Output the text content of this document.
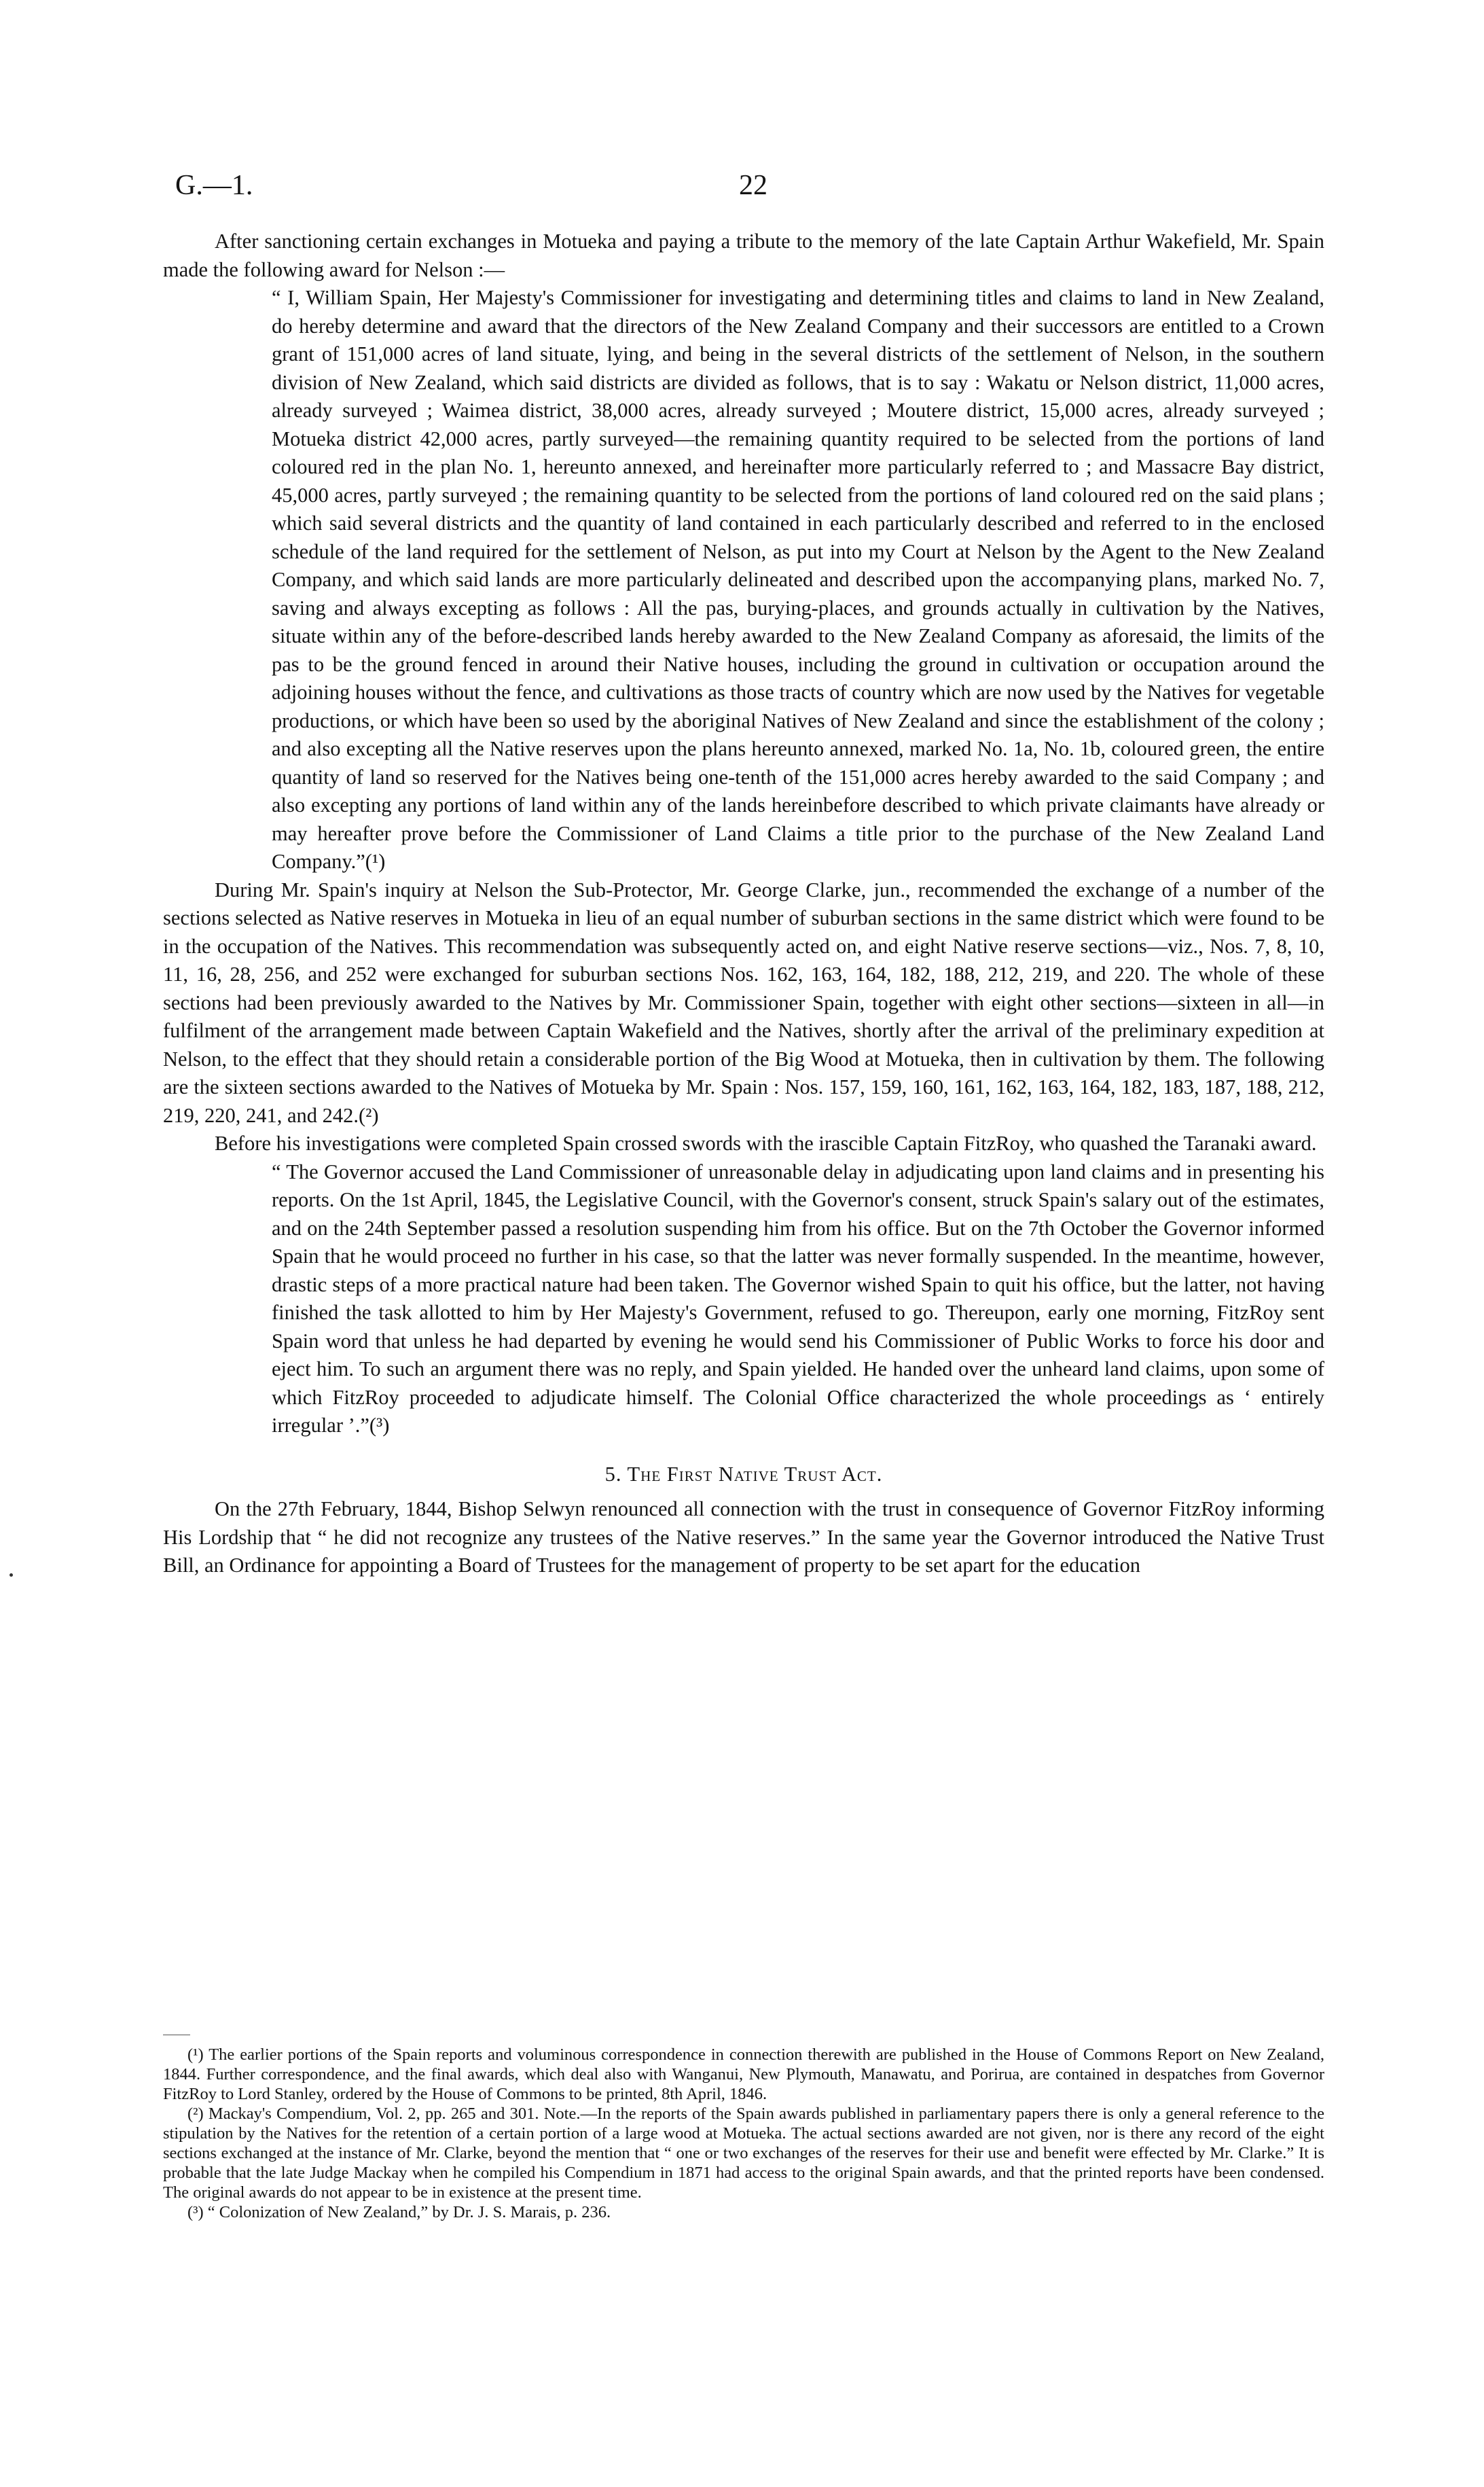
G.—1.	22

After sanctioning certain exchanges in Motueka and paying a tribute to the memory of the late Captain Arthur Wakefield, Mr. Spain made the following award for Nelson :—

“ I, William Spain, Her Majesty's Commissioner for investigating and determining titles and claims to land in New Zealand, do hereby determine and award that the directors of the New Zealand Company and their successors are entitled to a Crown grant of 151,000 acres of land situate, lying, and being in the several districts of the settlement of Nelson, in the southern division of New Zealand, which said districts are divided as follows, that is to say : Wakatu or Nelson district, 11,000 acres, already surveyed ; Waimea district, 38,000 acres, already surveyed ; Moutere district, 15,000 acres, already surveyed ; Motueka district 42,000 acres, partly surveyed—the remaining quantity required to be selected from the portions of land coloured red in the plan No. 1, hereunto annexed, and hereinafter more particularly referred to ; and Massacre Bay district, 45,000 acres, partly surveyed ; the remaining quantity to be selected from the portions of land coloured red on the said plans ; which said several districts and the quantity of land contained in each particularly described and referred to in the enclosed schedule of the land required for the settlement of Nelson, as put into my Court at Nelson by the Agent to the New Zealand Company, and which said lands are more particularly delineated and described upon the accompanying plans, marked No. 7, saving and always excepting as follows : All the pas, burying-places, and grounds actually in cultivation by the Natives, situate within any of the before-described lands hereby awarded to the New Zealand Company as aforesaid, the limits of the pas to be the ground fenced in around their Native houses, including the ground in cultivation or occupation around the adjoining houses without the fence, and cultivations as those tracts of country which are now used by the Natives for vegetable productions, or which have been so used by the aboriginal Natives of New Zealand and since the establishment of the colony ; and also excepting all the Native reserves upon the plans hereunto annexed, marked No. 1a, No. 1b, coloured green, the entire quantity of land so reserved for the Natives being one-tenth of the 151,000 acres hereby awarded to the said Company ; and also excepting any portions of land within any of the lands hereinbefore described to which private claimants have already or may hereafter prove before the Commissioner of Land Claims a title prior to the purchase of the New Zealand Land Company.”(¹)

During Mr. Spain's inquiry at Nelson the Sub-Protector, Mr. George Clarke, jun., recommended the exchange of a number of the sections selected as Native reserves in Motueka in lieu of an equal number of suburban sections in the same district which were found to be in the occupation of the Natives. This recommendation was subsequently acted on, and eight Native reserve sections—viz., Nos. 7, 8, 10, 11, 16, 28, 256, and 252 were exchanged for suburban sections Nos. 162, 163, 164, 182, 188, 212, 219, and 220. The whole of these sections had been previously awarded to the Natives by Mr. Commissioner Spain, together with eight other sections—sixteen in all—in fulfilment of the arrangement made between Captain Wakefield and the Natives, shortly after the arrival of the preliminary expedition at Nelson, to the effect that they should retain a considerable portion of the Big Wood at Motueka, then in cultivation by them. The following are the sixteen sections awarded to the Natives of Motueka by Mr. Spain : Nos. 157, 159, 160, 161, 162, 163, 164, 182, 183, 187, 188, 212, 219, 220, 241, and 242.(²)

Before his investigations were completed Spain crossed swords with the irascible Captain FitzRoy, who quashed the Taranaki award.

“ The Governor accused the Land Commissioner of unreasonable delay in adjudicating upon land claims and in presenting his reports. On the 1st April, 1845, the Legislative Council, with the Governor's consent, struck Spain's salary out of the estimates, and on the 24th September passed a resolution suspending him from his office. But on the 7th October the Governor informed Spain that he would proceed no further in his case, so that the latter was never formally suspended. In the meantime, however, drastic steps of a more practical nature had been taken. The Governor wished Spain to quit his office, but the latter, not having finished the task allotted to him by Her Majesty's Government, refused to go. Thereupon, early one morning, FitzRoy sent Spain word that unless he had departed by evening he would send his Commissioner of Public Works to force his door and eject him. To such an argument there was no reply, and Spain yielded. He handed over the unheard land claims, upon some of which FitzRoy proceeded to adjudicate himself. The Colonial Office characterized the whole proceedings as ‘ entirely irregular ’.”(³)

5. The First Native Trust Act.

On the 27th February, 1844, Bishop Selwyn renounced all connection with the trust in consequence of Governor FitzRoy informing His Lordship that “ he did not recognize any trustees of the Native reserves.” In the same year the Governor introduced the Native Trust Bill, an Ordinance for appointing a Board of Trustees for the management of property to be set apart for the education

(¹) The earlier portions of the Spain reports and voluminous correspondence in connection therewith are published in the House of Commons Report on New Zealand, 1844. Further correspondence, and the final awards, which deal also with Wanganui, New Plymouth, Manawatu, and Porirua, are contained in despatches from Governor FitzRoy to Lord Stanley, ordered by the House of Commons to be printed, 8th April, 1846.

(²) Mackay's Compendium, Vol. 2, pp. 265 and 301. Note.—In the reports of the Spain awards published in parliamentary papers there is only a general reference to the stipulation by the Natives for the retention of a certain portion of a large wood at Motueka. The actual sections awarded are not given, nor is there any record of the eight sections exchanged at the instance of Mr. Clarke, beyond the mention that “ one or two exchanges of the reserves for their use and benefit were effected by Mr. Clarke.” It is probable that the late Judge Mackay when he compiled his Compendium in 1871 had access to the original Spain awards, and that the printed reports have been condensed. The original awards do not appear to be in existence at the present time.

(³) “ Colonization of New Zealand,” by Dr. J. S. Marais, p. 236.
